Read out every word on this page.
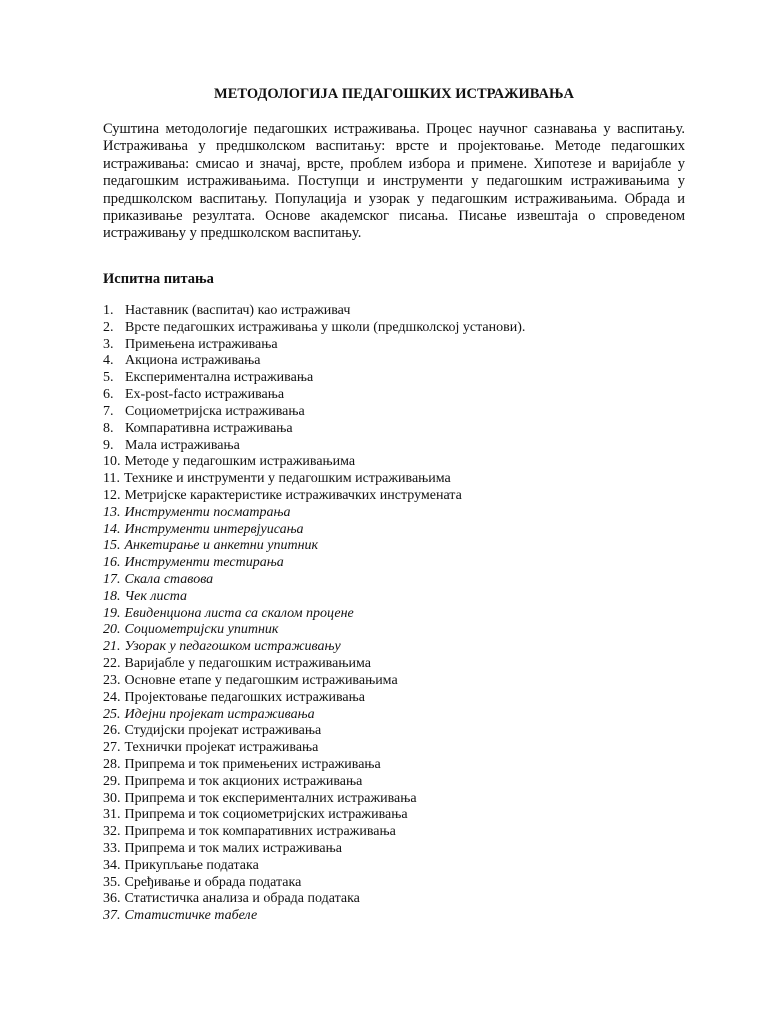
МЕТОДОЛОГИЈА ПЕДАГОШКИХ ИСТРАЖИВАЊА

Суштина методологије педагошких истраживања. Процес научног сазнавања у васпитању. Истраживања у предшколском васпитању: врсте и пројектовање. Методе педагошких истраживања: смисао и значај, врсте, проблем избора и примене. Хипотезе и варијабле у педагошким истраживањима. Поступци и инструменти у педагошким истраживањима у предшколском васпитању. Популација и узорак у педагошким истраживањима. Обрада и приказивање резултата. Основе академског писања. Писање извештаја о спроведеном истраживању у предшколском васпитању.

Испитна питања
1. Наставник (васпитач) као истраживач
2. Врсте педагошких истраживања у школи (предшколској установи).
3. Примењена истраживања
4. Акциона истраживања
5. Експериментална истраживања
6. Ex-post-facto истраживања
7. Социометријска истраживања
8. Компаративна истраживања
9. Мала истраживања
10. Методе у педагошким истраживањима
11. Технике и инструменти у педагошким истраживањима
12. Метријске карактеристике истраживачких инструмената
13. Инструменти посматрања
14. Инструменти интервјуисања
15. Анкетирање и анкетни упитник
16. Инструменти тестирања
17. Скала ставова
18. Чек листа
19. Евиденциона листа са скалом процене
20. Социометријски упитник
21. Узорак у педагошком истраживању
22. Варијабле у педагошким истраживањима
23. Основне етапе у педагошким истраживањима
24. Пројектовање педагошких истраживања
25. Идејни пројекат истраживања
26. Студијски пројекат истраживања
27. Технички пројекат истраживања
28. Припрема и ток примењених истраживања
29. Припрема и ток акционих истраживања
30. Припрема и ток експерименталних истраживања
31. Припрема и ток социометријских истраживања
32. Припрема и ток компаративних истраживања
33. Припрема и ток малих истраживања
34. Прикупљање података
35. Сређивање и обрада података
36. Статистичка анализа и обрада података
37. Статистичке табеле
